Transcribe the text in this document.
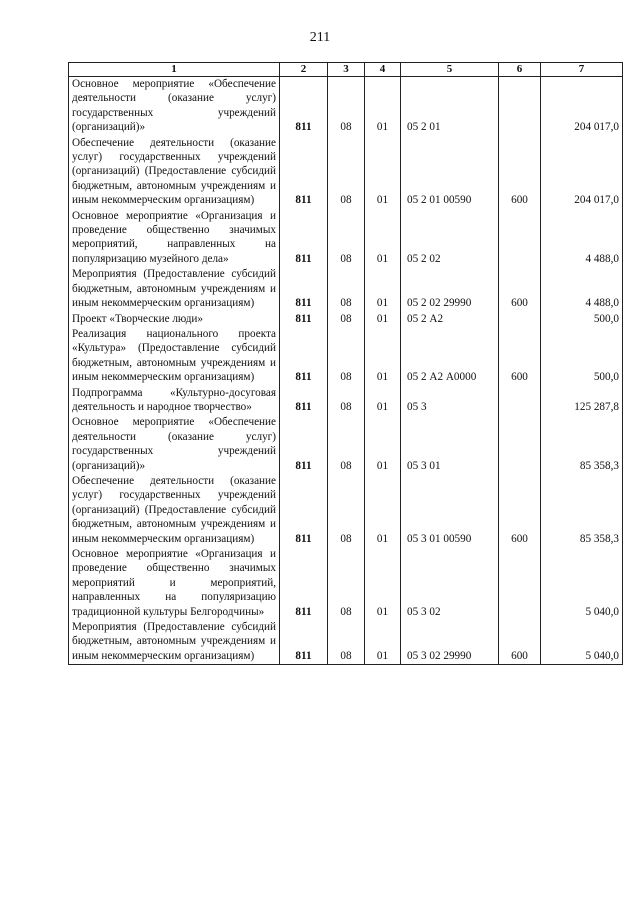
211
1	2	3	4	5	6	7
Основное мероприятие «Обеспечение деятельности (оказание услуг) государственных учреждений (организаций)»	811	08	01	05 2 01		204 017,0
Обеспечение деятельности (оказание услуг) государственных учреждений (организаций) (Предоставление субсидий бюджетным, автономным учреждениям и иным некоммерческим организациям)	811	08	01	05 2 01 00590	600	204 017,0
Основное мероприятие «Организация и проведение общественно значимых мероприятий, направленных на популяризацию музейного дела»	811	08	01	05 2 02		4 488,0
Мероприятия (Предоставление субсидий бюджетным, автономным учреждениям и иным некоммерческим организациям)	811	08	01	05 2 02 29990	600	4 488,0
Проект «Творческие люди»	811	08	01	05 2 А2		500,0
Реализация национального проекта «Культура» (Предоставление субсидий бюджетным, автономным учреждениям и иным некоммерческим организациям)	811	08	01	05 2 А2 А0000	600	500,0
Подпрограмма «Культурно-досуговая деятельность и народное творчество»	811	08	01	05 3		125 287,8
Основное мероприятие «Обеспечение деятельности (оказание услуг) государственных учреждений (организаций)»	811	08	01	05 3 01		85 358,3
Обеспечение деятельности (оказание услуг) государственных учреждений (организаций) (Предоставление субсидий бюджетным, автономным учреждениям и иным некоммерческим организациям)	811	08	01	05 3 01 00590	600	85 358,3
Основное мероприятие «Организация и проведение общественно значимых мероприятий и мероприятий, направленных на популяризацию традиционной культуры Белгородчины»	811	08	01	05 3 02		5 040,0
Мероприятия (Предоставление субсидий бюджетным, автономным учреждениям и иным некоммерческим организациям)	811	08	01	05 3 02 29990	600	5 040,0
